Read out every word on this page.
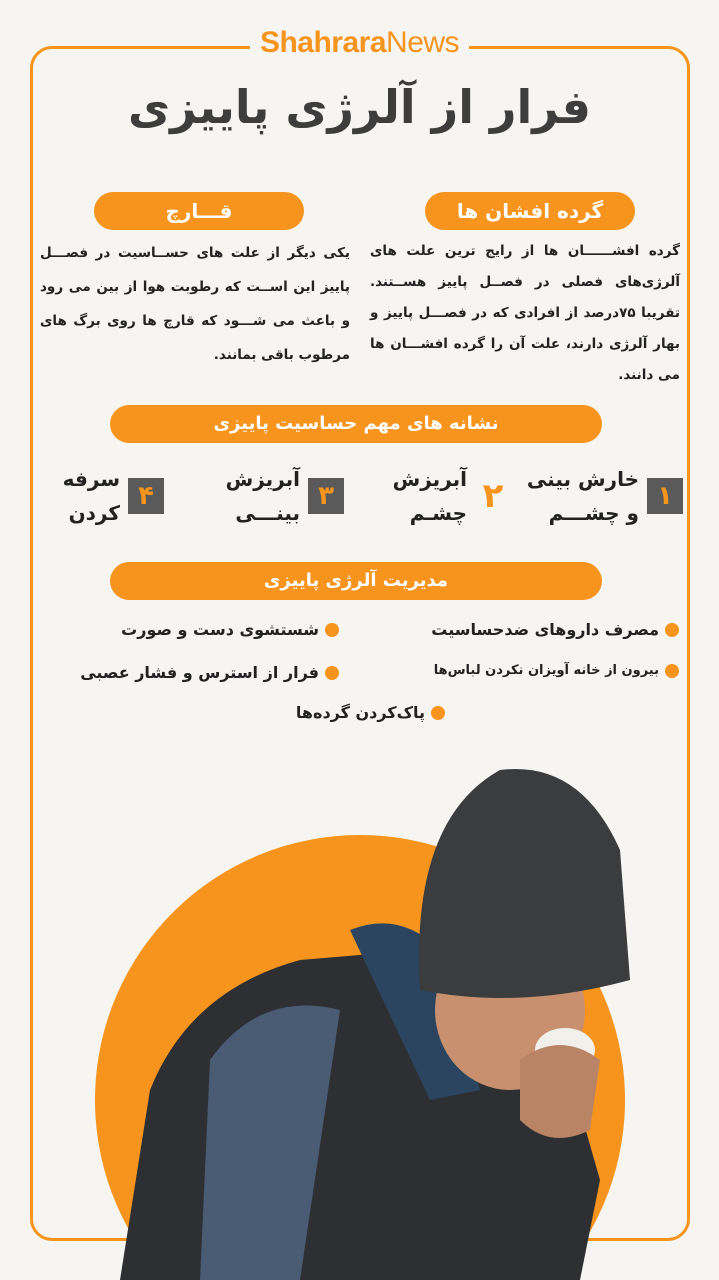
ShahraraNews
فرار از آلرژی پاییزی
گرده افشان ها
گرده افشــــــان ها از رایج ترین علت های آلرژی‌های فصلی در فصــل پاییز هســتند. تقریبا ۷۵درصد از افرادی که در فصـــل پاییز و بهار آلرژی دارند، علت آن را گرده افشـــان ها می دانند.
قـــارچ
یکی دیگر از علت های حســاسیت در فصـــل پاییز این اســت که رطوبت هوا از بین می رود و باعث می شـــود که قارچ ها روی برگ های مرطوب باقی بمانند.
نشانه های مهم حساسیت پاییزی
۱
خارش بینی
و چشـــم
۲
آبریزش
چشـم
۳
آبریزش
بینـــی
۴
سرفه
کردن
مدیریت آلرژی پاییزی
مصرف داروهای ضدحساسیت
شستشوی دست و صورت
بیرون از خانه آویزان نکردن لباس‌ها
فرار از استرس و فشار عصبی
پاک‌کردن گرده‌ها
